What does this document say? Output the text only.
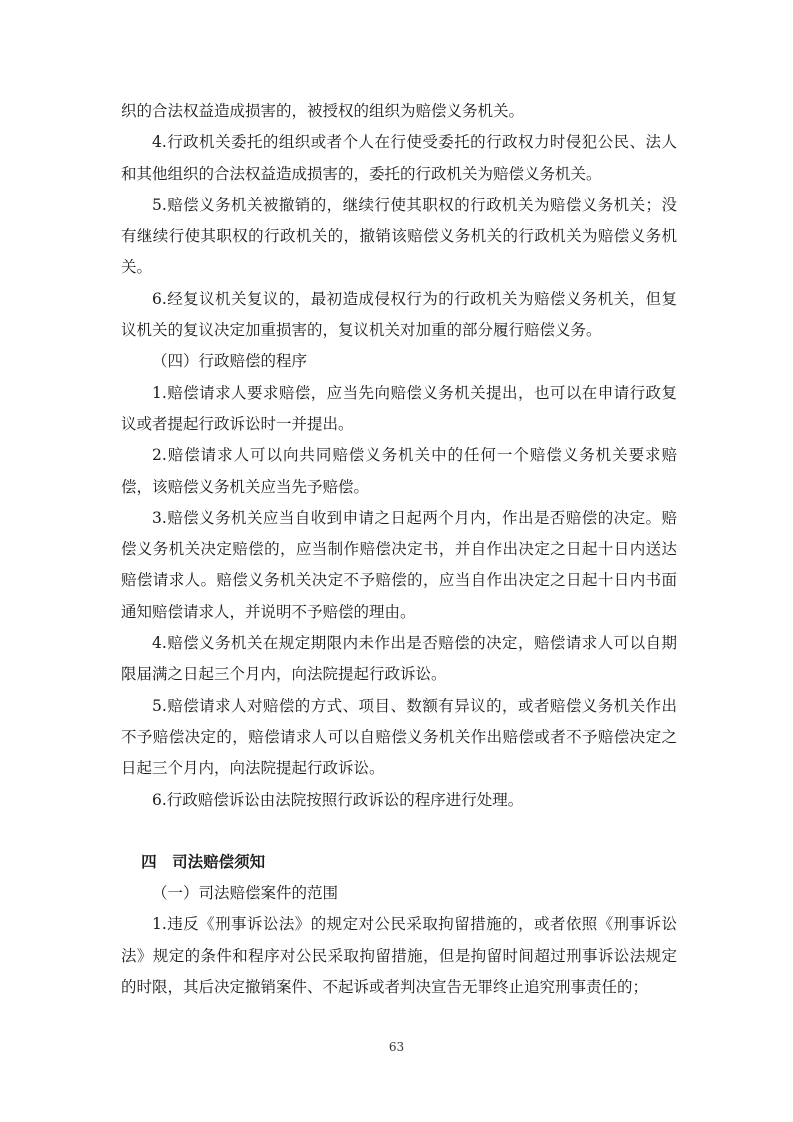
织的合法权益造成损害的，被授权的组织为赔偿义务机关。

4.行政机关委托的组织或者个人在行使受委托的行政权力时侵犯公民、法人和其他组织的合法权益造成损害的，委托的行政机关为赔偿义务机关。

5.赔偿义务机关被撤销的，继续行使其职权的行政机关为赔偿义务机关；没有继续行使其职权的行政机关的，撤销该赔偿义务机关的行政机关为赔偿义务机关。

6.经复议机关复议的，最初造成侵权行为的行政机关为赔偿义务机关，但复议机关的复议决定加重损害的，复议机关对加重的部分履行赔偿义务。

（四）行政赔偿的程序

1.赔偿请求人要求赔偿，应当先向赔偿义务机关提出，也可以在申请行政复议或者提起行政诉讼时一并提出。

2.赔偿请求人可以向共同赔偿义务机关中的任何一个赔偿义务机关要求赔偿，该赔偿义务机关应当先予赔偿。

3.赔偿义务机关应当自收到申请之日起两个月内，作出是否赔偿的决定。赔偿义务机关决定赔偿的，应当制作赔偿决定书，并自作出决定之日起十日内送达赔偿请求人。赔偿义务机关决定不予赔偿的，应当自作出决定之日起十日内书面通知赔偿请求人，并说明不予赔偿的理由。

4.赔偿义务机关在规定期限内未作出是否赔偿的决定，赔偿请求人可以自期限届满之日起三个月内，向法院提起行政诉讼。

5.赔偿请求人对赔偿的方式、项目、数额有异议的，或者赔偿义务机关作出不予赔偿决定的，赔偿请求人可以自赔偿义务机关作出赔偿或者不予赔偿决定之日起三个月内，向法院提起行政诉讼。

6.行政赔偿诉讼由法院按照行政诉讼的程序进行处理。

四　司法赔偿须知

（一）司法赔偿案件的范围

1.违反《刑事诉讼法》的规定对公民采取拘留措施的，或者依照《刑事诉讼法》规定的条件和程序对公民采取拘留措施，但是拘留时间超过刑事诉讼法规定的时限，其后决定撤销案件、不起诉或者判决宣告无罪终止追究刑事责任的；

63
